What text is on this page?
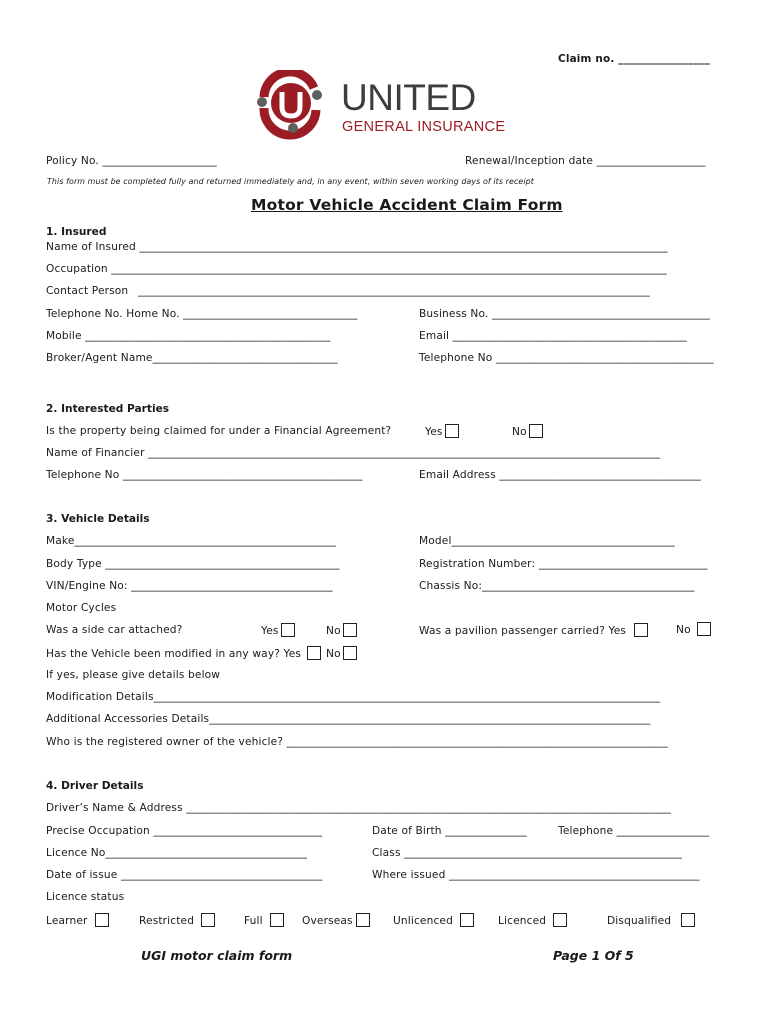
Claim no. _________________
UNITED
GENERAL INSURANCE
Policy No. _____________________	Renewal/Inception date ____________________
This form must be completed fully and returned immediately and, in any event, within seven working days of its receipt
Motor Vehicle Accident Claim Form
1. Insured
Name of Insured _________________________________________________________________________________________________
Occupation ______________________________________________________________________________________________________
Contact Person ______________________________________________________________________________________________
Telephone No. Home No. ________________________________	Business No. ________________________________________
Mobile _____________________________________________	Email ___________________________________________
Broker/Agent Name__________________________________	Telephone No ________________________________________
2. Interested Parties
Is the property being claimed for under a Financial Agreement?	Yes	No
Name of Financier ______________________________________________________________________________________________
Telephone No ____________________________________________	Email Address _____________________________________
3. Vehicle Details
Make________________________________________________	Model_________________________________________
Body Type ___________________________________________	Registration Number: _______________________________
VIN/Engine No: _____________________________________	Chassis No:_______________________________________
Motor Cycles
Was a side car attached?	Yes	No	Was a pavilion passenger carried? Yes	No
Has the Vehicle been modified in any way? Yes	No
If yes, please give details below
Modification Details_____________________________________________________________________________________________
Additional Accessories Details_________________________________________________________________________________
Who is the registered owner of the vehicle? ______________________________________________________________________
4. Driver Details
Driver’s Name & Address _________________________________________________________________________________________
Precise Occupation _______________________________	Date of Birth _______________	Telephone _________________
Licence No_____________________________________	Class ___________________________________________________
Date of issue _____________________________________	Where issued ______________________________________________
Licence status
Learner	Restricted	Full	Overseas	Unlicenced	Licenced	Disqualified
UGI motor claim form	Page 1 Of 5
